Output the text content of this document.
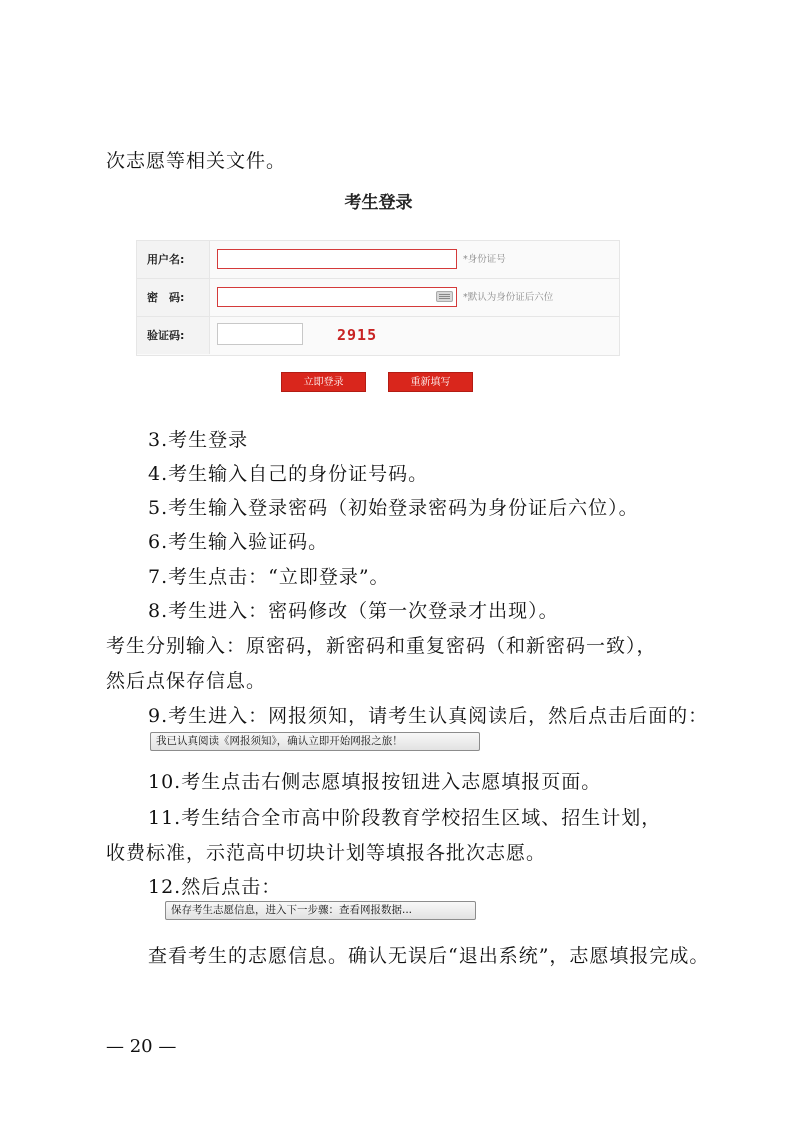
次志愿等相关文件。
考生登录
用户名:	*身份证号
密　码:	*默认为身份证后六位
验证码:	2915
立即登录	重新填写
3.考生登录
4.考生输入自己的身份证号码。
5.考生输入登录密码（初始登录密码为身份证后六位）。
6.考生输入验证码。
7.考生点击：“立即登录”。
8.考生进入：密码修改（第一次登录才出现）。
考生分别输入：原密码，新密码和重复密码（和新密码一致），
然后点保存信息。
9.考生进入：网报须知，请考生认真阅读后，然后点击后面的：
我已认真阅读《网报须知》，确认立即开始网报之旅！
10.考生点击右侧志愿填报按钮进入志愿填报页面。
11.考生结合全市高中阶段教育学校招生区域、招生计划，
收费标准，示范高中切块计划等填报各批次志愿。
12.然后点击：
保存考生志愿信息，进入下一步骤：查看网报数据...
查看考生的志愿信息。确认无误后“退出系统”，志愿填报完成。
— 20 —
